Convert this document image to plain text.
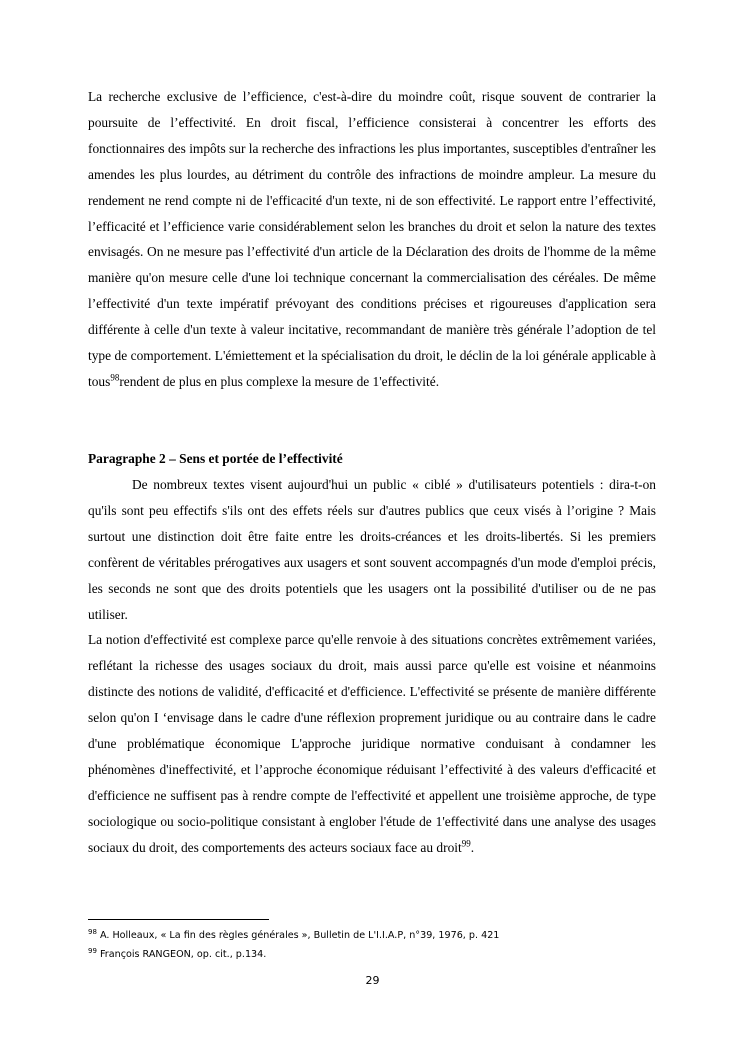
La recherche exclusive de l’efficience, c'est-à-dire du moindre coût, risque souvent de contrarier la poursuite de l’effectivité. En droit fiscal, l’efficience consisterai à concentrer les efforts des fonctionnaires des impôts sur la recherche des infractions les plus importantes, susceptibles d'entraîner les amendes les plus lourdes, au détriment du contrôle des infractions de moindre ampleur. La mesure du rendement ne rend compte ni de l'efficacité d'un texte, ni de son effectivité. Le rapport entre l’effectivité, l’efficacité et l’efficience varie considérablement selon les branches du droit et selon la nature des textes envisagés. On ne mesure pas l’effectivité d'un article de la Déclaration des droits de l'homme de la même manière qu'on mesure celle d'une loi technique concernant la commercialisation des céréales. De même l’effectivité d'un texte impératif prévoyant des conditions précises et rigoureuses d'application sera différente à celle d'un texte à valeur incitative, recommandant de manière très générale l’adoption de tel type de comportement. L'émiettement et la spécialisation du droit, le déclin de la loi générale applicable à tous$^{98}$rendent de plus en plus complexe la mesure de 1'effectivité.

Paragraphe 2 – Sens et portée de l’effectivité

De nombreux textes visent aujourd'hui un public « ciblé » d'utilisateurs potentiels : dira-t-on qu'ils sont peu effectifs s'ils ont des effets réels sur d'autres publics que ceux visés à l’origine ? Mais surtout une distinction doit être faite entre les droits-créances et les droits-libertés. Si les premiers confèrent de véritables prérogatives aux usagers et sont souvent accompagnés d'un mode d'emploi précis, les seconds ne sont que des droits potentiels que les usagers ont la possibilité d'utiliser ou de ne pas utiliser.

La notion d'effectivité est complexe parce qu'elle renvoie à des situations concrètes extrêmement variées, reflétant la richesse des usages sociaux du droit, mais aussi parce qu'elle est voisine et néanmoins distincte des notions de validité, d'efficacité et d'efficience. L'effectivité se présente de manière différente selon qu'on I ‘envisage dans le cadre d'une réflexion proprement juridique ou au contraire dans le cadre d'une problématique économique L'approche juridique normative conduisant à condamner les phénomènes d'ineffectivité, et l’approche économique réduisant l’effectivité à des valeurs d'efficacité et d'efficience ne suffisent pas à rendre compte de l'effectivité et appellent une troisième approche, de type sociologique ou socio-politique consistant à englober l'étude de 1'effectivité dans une analyse des usages sociaux du droit, des comportements des acteurs sociaux face au droit$^{99}$.

$^{98}$ A. Holleaux, « La fin des règles générales », Bulletin de L'I.I.A.P, n°39, 1976, p. 421
$^{99}$ François RANGEON, op. cit., p.134.
29
